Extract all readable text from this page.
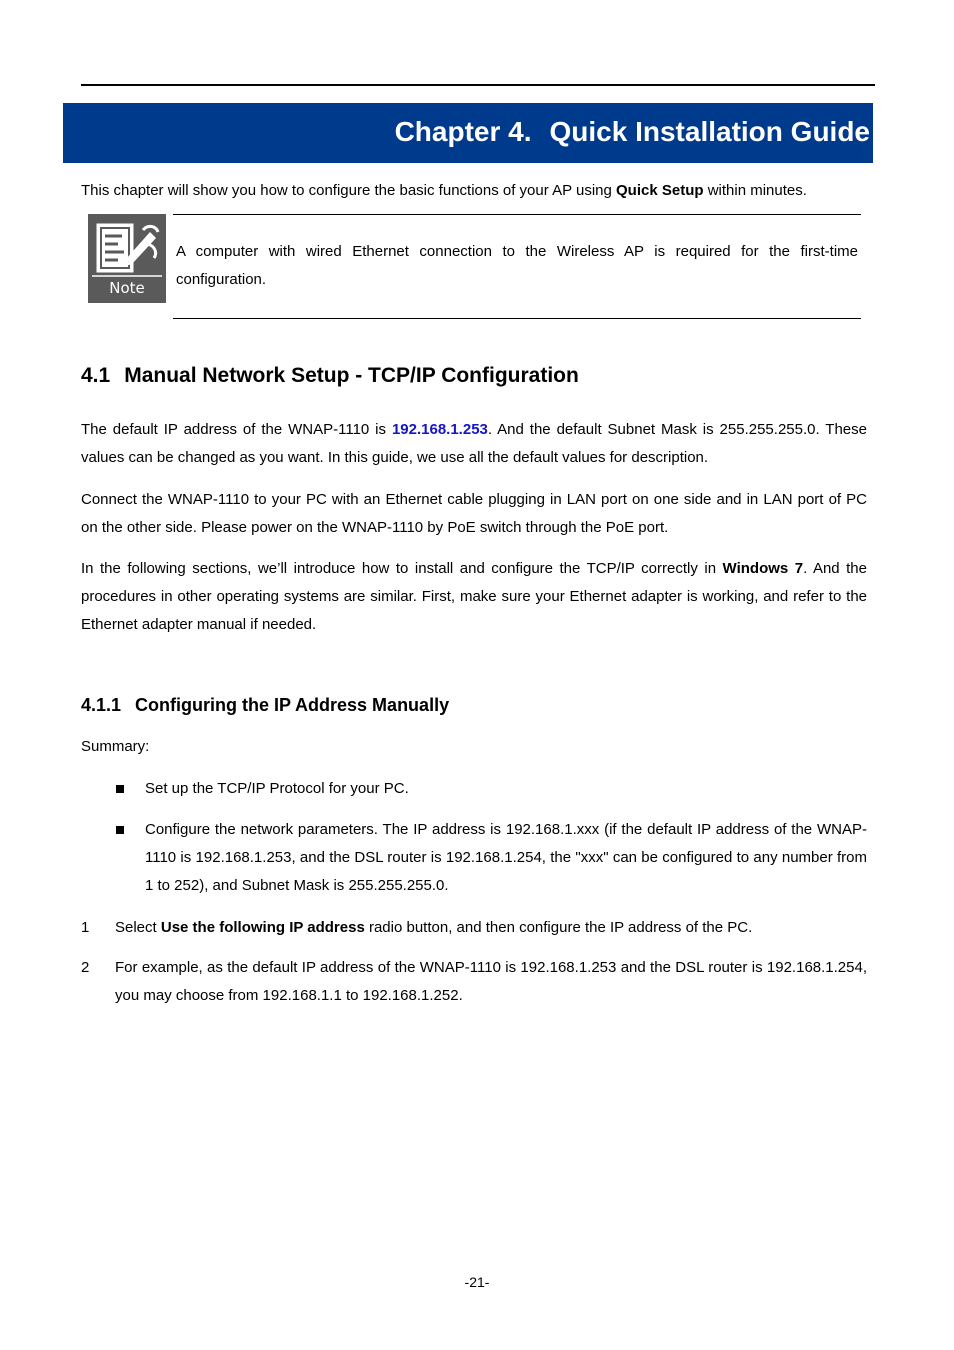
Chapter 4. Quick Installation Guide

This chapter will show you how to configure the basic functions of your AP using Quick Setup within minutes.

Note

A computer with wired Ethernet connection to the Wireless AP is required for the first-time configuration.

4.1 Manual Network Setup - TCP/IP Configuration

The default IP address of the WNAP-1110 is 192.168.1.253. And the default Subnet Mask is 255.255.255.0. These values can be changed as you want. In this guide, we use all the default values for description.

Connect the WNAP-1110 to your PC with an Ethernet cable plugging in LAN port on one side and in LAN port of PC on the other side. Please power on the WNAP-1110 by PoE switch through the PoE port.

In the following sections, we’ll introduce how to install and configure the TCP/IP correctly in Windows 7. And the procedures in other operating systems are similar. First, make sure your Ethernet adapter is working, and refer to the Ethernet adapter manual if needed.

4.1.1 Configuring the IP Address Manually

Summary:

Set up the TCP/IP Protocol for your PC.

Configure the network parameters. The IP address is 192.168.1.xxx (if the default IP address of the WNAP-1110 is 192.168.1.253, and the DSL router is 192.168.1.254, the "xxx" can be configured to any number from 1 to 252), and Subnet Mask is 255.255.255.0.

1 Select Use the following IP address radio button, and then configure the IP address of the PC.

2 For example, as the default IP address of the WNAP-1110 is 192.168.1.253 and the DSL router is 192.168.1.254, you may choose from 192.168.1.1 to 192.168.1.252.

-21-
